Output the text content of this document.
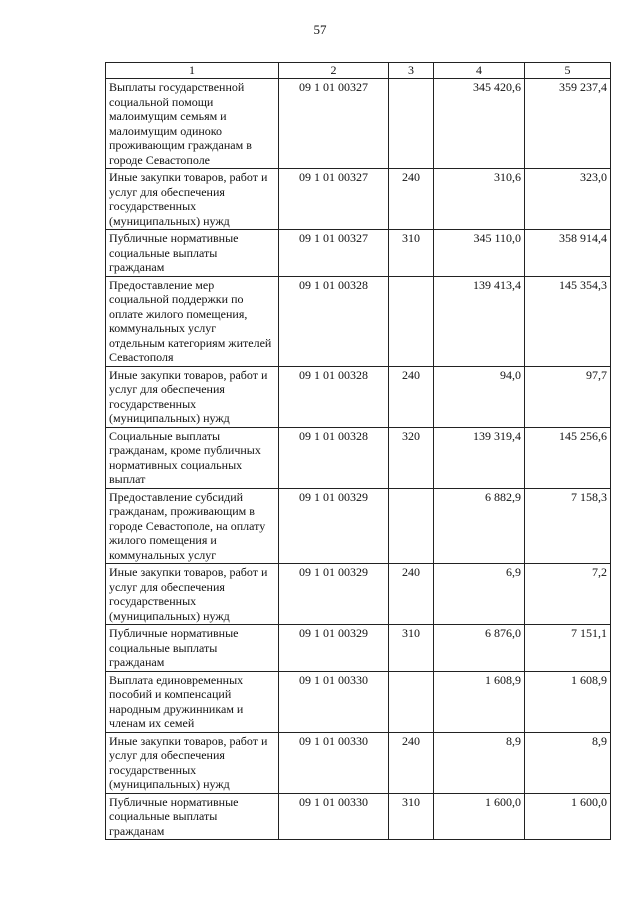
57
1	2	3	4	5
Выплаты государственной социальной помощи малоимущим семьям и малоимущим одиноко проживающим гражданам в городе Севастополе	09 1 01 00327		345 420,6	359 237,4
Иные закупки товаров, работ и услуг для обеспечения государственных (муниципальных) нужд	09 1 01 00327	240	310,6	323,0
Публичные нормативные социальные выплаты гражданам	09 1 01 00327	310	345 110,0	358 914,4
Предоставление мер социальной поддержки по оплате жилого помещения, коммунальных услуг отдельным категориям жителей Севастополя	09 1 01 00328		139 413,4	145 354,3
Иные закупки товаров, работ и услуг для обеспечения государственных (муниципальных) нужд	09 1 01 00328	240	94,0	97,7
Социальные выплаты гражданам, кроме публичных нормативных социальных выплат	09 1 01 00328	320	139 319,4	145 256,6
Предоставление субсидий гражданам, проживающим в городе Севастополе, на оплату жилого помещения и коммунальных услуг	09 1 01 00329		6 882,9	7 158,3
Иные закупки товаров, работ и услуг для обеспечения государственных (муниципальных) нужд	09 1 01 00329	240	6,9	7,2
Публичные нормативные социальные выплаты гражданам	09 1 01 00329	310	6 876,0	7 151,1
Выплата единовременных пособий и компенсаций народным дружинникам и членам их семей	09 1 01 00330		1 608,9	1 608,9
Иные закупки товаров, работ и услуг для обеспечения государственных (муниципальных) нужд	09 1 01 00330	240	8,9	8,9
Публичные нормативные социальные выплаты гражданам	09 1 01 00330	310	1 600,0	1 600,0
